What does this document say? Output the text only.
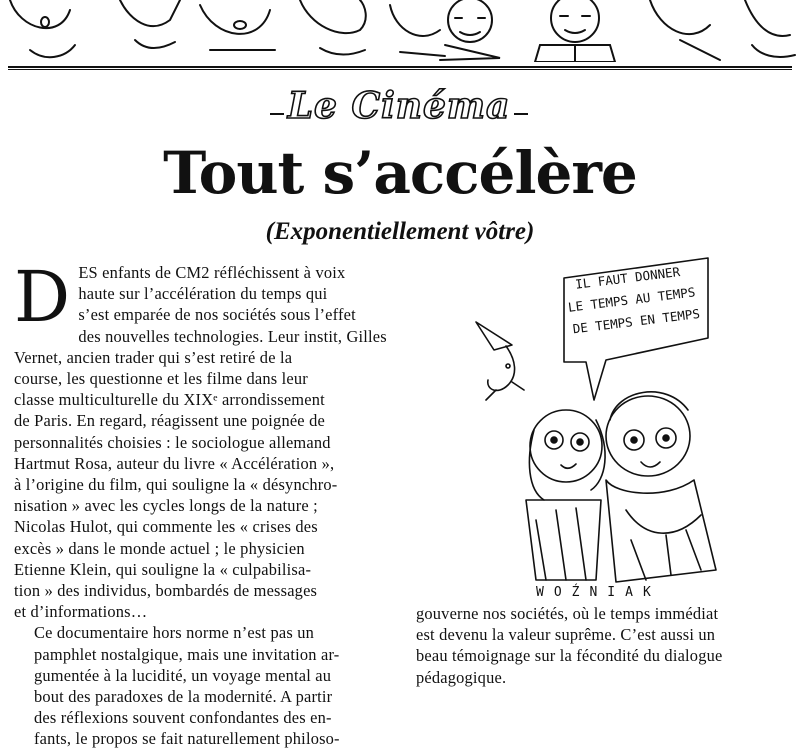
Le Cinéma
Tout s’accélère
(Exponentiellement vôtre)

D ES enfants de CM2 réfléchissent à voix
haute sur l’accélération du temps qui
s’est emparée de nos sociétés sous l’effet
des nouvelles technologies. Leur instit, Gilles
Vernet, ancien trader qui s’est retiré de la
course, les questionne et les filme dans leur
classe multiculturelle du XIXᵉ arrondissement
de Paris. En regard, réagissent une poignée de
personnalités choisies : le sociologue allemand
Hartmut Rosa, auteur du livre « Accélération »,
à l’origine du film, qui souligne la « désynchro-
nisation » avec les cycles longs de la nature ;
Nicolas Hulot, qui commente les « crises des
excès » dans le monde actuel ; le physicien
Etienne Klein, qui souligne la « culpabilisa-
tion » des individus, bombardés de messages
et d’informations…

Ce documentaire hors norme n’est pas un
pamphlet nostalgique, mais une invitation ar-
gumentée à la lucidité, un voyage mental au
bout des paradoxes de la modernité. A partir
des réflexions souvent confondantes des en-
fants, le propos se fait naturellement philoso-

IL FAUT DONNER
LE TEMPS AU TEMPS
DE TEMPS EN TEMPS
WOŹNIAK
gouverne nos sociétés, où le temps immédiat
est devenu la valeur suprême. C’est aussi un
beau témoignage sur la fécondité du dialogue
pédagogique.
